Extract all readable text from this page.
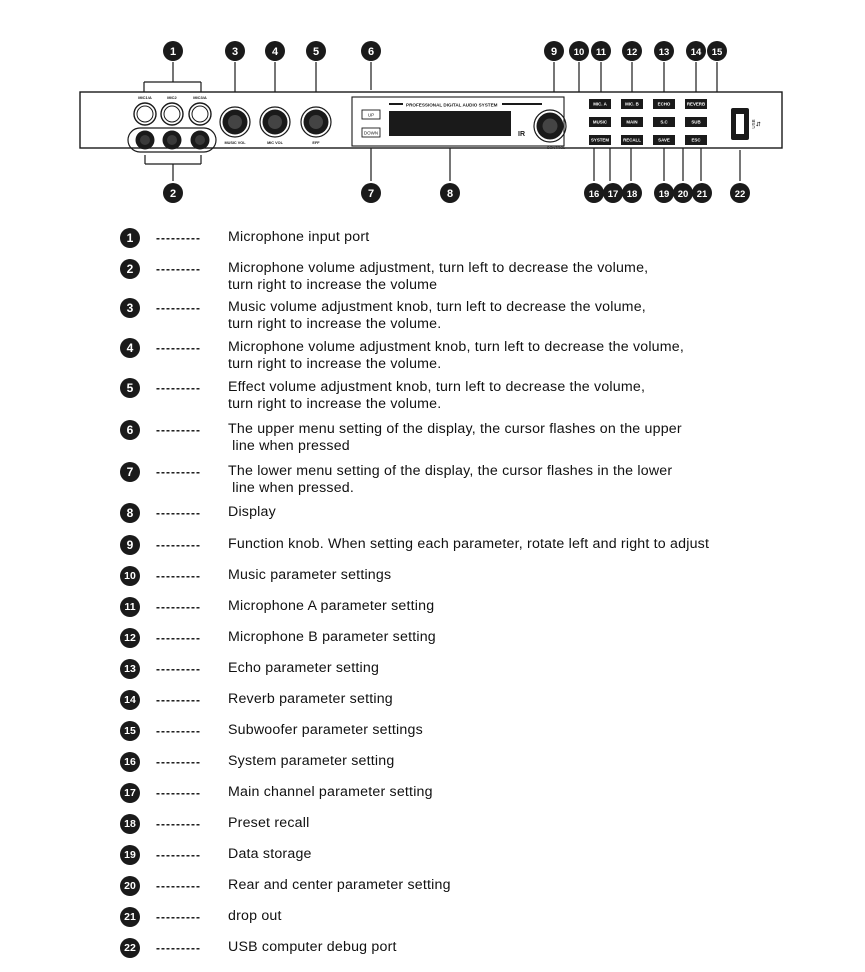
MIC1/A	MIC2	MIC3/A
MUSIC VOL	MIC VOL	EFF
UP
DOWN
PROFESSIONAL DIGITAL AUDIO SYSTEM
IR
CONTROL
MIC. A	MIC. B	ECHO	REVERB
MUSIC	MAIN	S.C	SUB
SYSTEM	RECALL	SAVE	ESC
USB ⇆
1	3	4	5	6	9 10 11 12 13 14 15
2	7	8	16 17 18 19 20 21	22
1	--------- Microphone input port
2	--------- Microphone volume adjustment, turn left to decrease the volume,
turn right to increase the volume
3	--------- Music volume adjustment knob, turn left to decrease the volume,
turn right to increase the volume.
4	--------- Microphone volume adjustment knob, turn left to decrease the volume,
turn right to increase the volume.
5	--------- Effect volume adjustment knob, turn left to decrease the volume,
turn right to increase the volume.
6	--------- The upper menu setting of the display, the cursor flashes on the upper
line when pressed
7	--------- The lower menu setting of the display, the cursor flashes in the lower
line when pressed.
8	--------- Display
9	--------- Function knob. When setting each parameter, rotate left and right to adjust
10	--------- Music parameter settings
11	--------- Microphone A parameter setting
12	--------- Microphone B parameter setting
13	--------- Echo parameter setting
14	--------- Reverb parameter setting
15	--------- Subwoofer parameter settings
16	--------- System parameter setting
17	--------- Main channel parameter setting
18	--------- Preset recall
19	--------- Data storage
20	--------- Rear and center parameter setting
21	--------- drop out
22	--------- USB computer debug port
